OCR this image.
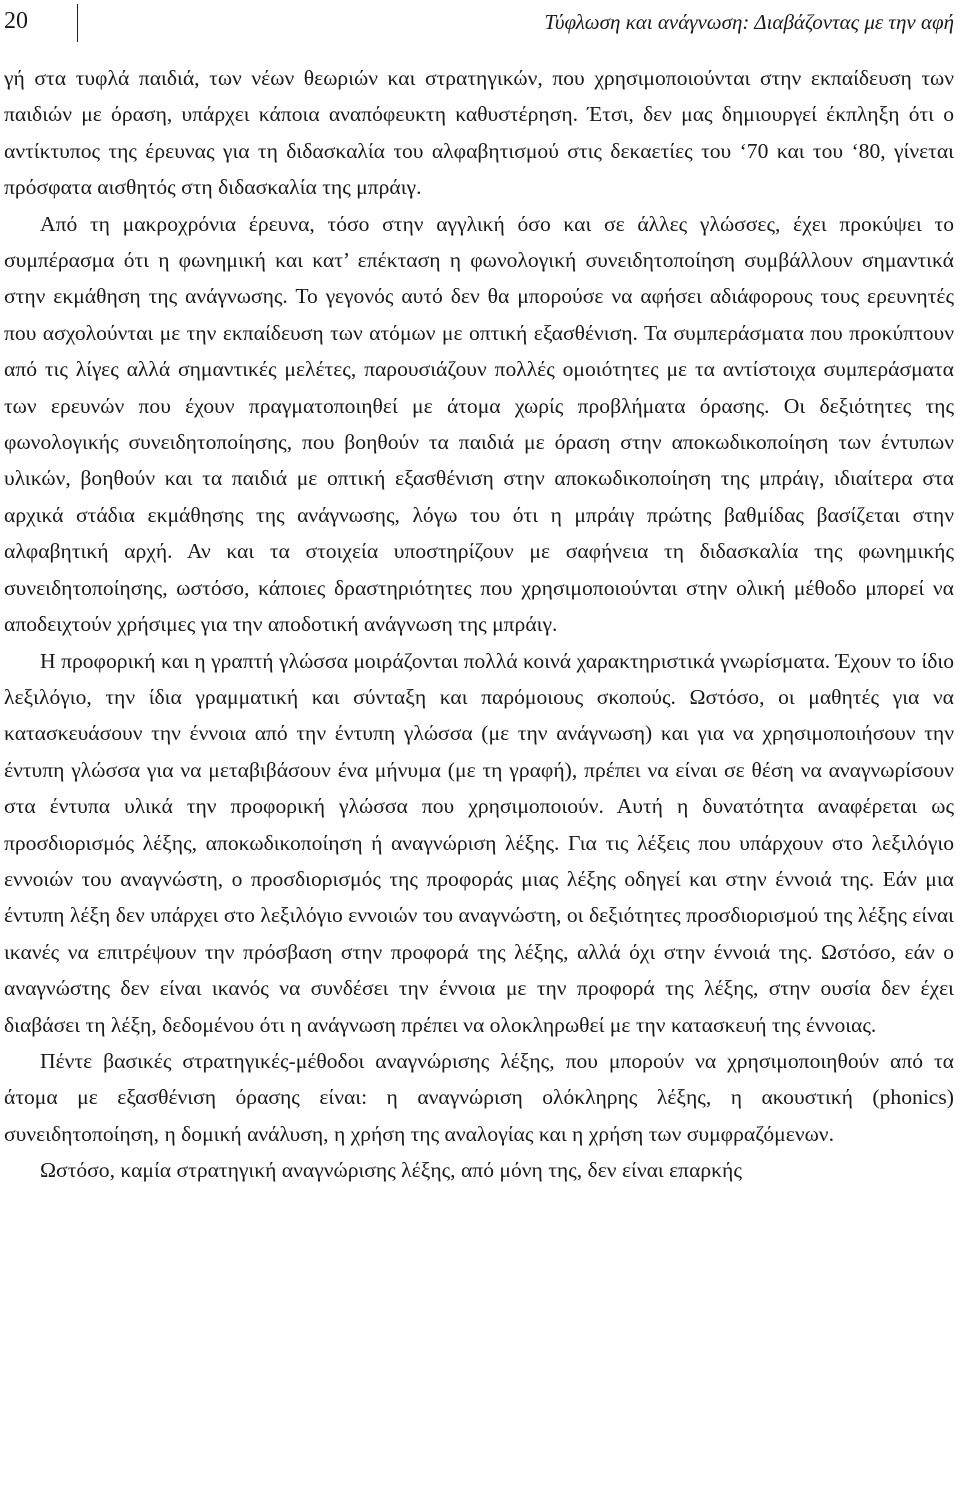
20	Τύφλωση και ανάγνωση: Διαβάζοντας με την αφή

γή στα τυφλά παιδιά, των νέων θεωριών και στρατηγικών, που χρησιμοποιούνται στην εκπαίδευση των παιδιών με όραση, υπάρχει κάποια αναπόφευκτη καθυστέρηση. Έτσι, δεν μας δημιουργεί έκπληξη ότι ο αντίκτυπος της έρευνας για τη διδασκαλία του αλφαβητισμού στις δεκαετίες του ‘70 και του ‘80, γίνεται πρόσφατα αισθητός στη διδασκαλία της μπράιγ.

Από τη μακροχρόνια έρευνα, τόσο στην αγγλική όσο και σε άλλες γλώσσες, έχει προκύψει το συμπέρασμα ότι η φωνημική και κατ’ επέκταση η φωνολογική συνειδητοποίηση συμβάλλουν σημαντικά στην εκμάθηση της ανάγνωσης. Το γεγονός αυτό δεν θα μπορούσε να αφήσει αδιάφορους τους ερευνητές που ασχολούνται με την εκπαίδευση των ατόμων με οπτική εξασθένιση. Τα συμπεράσματα που προκύπτουν από τις λίγες αλλά σημαντικές μελέτες, παρουσιάζουν πολλές ομοιότητες με τα αντίστοιχα συμπεράσματα των ερευνών που έχουν πραγματοποιηθεί με άτομα χωρίς προβλήματα όρασης. Οι δεξιότητες της φωνολογικής συνειδητοποίησης, που βοηθούν τα παιδιά με όραση στην αποκωδικοποίηση των έντυπων υλικών, βοηθούν και τα παιδιά με οπτική εξασθένιση στην αποκωδικοποίηση της μπράιγ, ιδιαίτερα στα αρχικά στάδια εκμάθησης της ανάγνωσης, λόγω του ότι η μπράιγ πρώτης βαθμίδας βασίζεται στην αλφαβητική αρχή. Αν και τα στοιχεία υποστηρίζουν με σαφήνεια τη διδασκαλία της φωνημικής συνειδητοποίησης, ωστόσο, κάποιες δραστηριότητες που χρησιμοποιούνται στην ολική μέθοδο μπορεί να αποδειχτούν χρήσιμες για την αποδοτική ανάγνωση της μπράιγ.

Η προφορική και η γραπτή γλώσσα μοιράζονται πολλά κοινά χαρακτηριστικά γνωρίσματα. Έχουν το ίδιο λεξιλόγιο, την ίδια γραμματική και σύνταξη και παρόμοιους σκοπούς. Ωστόσο, οι μαθητές για να κατασκευάσουν την έννοια από την έντυπη γλώσσα (με την ανάγνωση) και για να χρησιμοποιήσουν την έντυπη γλώσσα για να μεταβιβάσουν ένα μήνυμα (με τη γραφή), πρέπει να είναι σε θέση να αναγνωρίσουν στα έντυπα υλικά την προφορική γλώσσα που χρησιμοποιούν. Αυτή η δυνατότητα αναφέρεται ως προσδιορισμός λέξης, αποκωδικοποίηση ή αναγνώριση λέξης. Για τις λέξεις που υπάρχουν στο λεξιλόγιο εννοιών του αναγνώστη, ο προσδιορισμός της προφοράς μιας λέξης οδηγεί και στην έννοιά της. Εάν μια έντυπη λέξη δεν υπάρχει στο λεξιλόγιο εννοιών του αναγνώστη, οι δεξιότητες προσδιορισμού της λέξης είναι ικανές να επιτρέψουν την πρόσβαση στην προφορά της λέξης, αλλά όχι στην έννοιά της. Ωστόσο, εάν ο αναγνώστης δεν είναι ικανός να συνδέσει την έννοια με την προφορά της λέξης, στην ουσία δεν έχει διαβάσει τη λέξη, δεδομένου ότι η ανάγνωση πρέπει να ολοκληρωθεί με την κατασκευή της έννοιας.

Πέντε βασικές στρατηγικές-μέθοδοι αναγνώρισης λέξης, που μπορούν να χρησιμοποιηθούν από τα άτομα με εξασθένιση όρασης είναι: η αναγνώριση ολόκληρης λέξης, η ακουστική (phonics) συνειδητοποίηση, η δομική ανάλυση, η χρήση της αναλογίας και η χρήση των συμφραζόμενων.

Ωστόσο, καμία στρατηγική αναγνώρισης λέξης, από μόνη της, δεν είναι επαρκής
